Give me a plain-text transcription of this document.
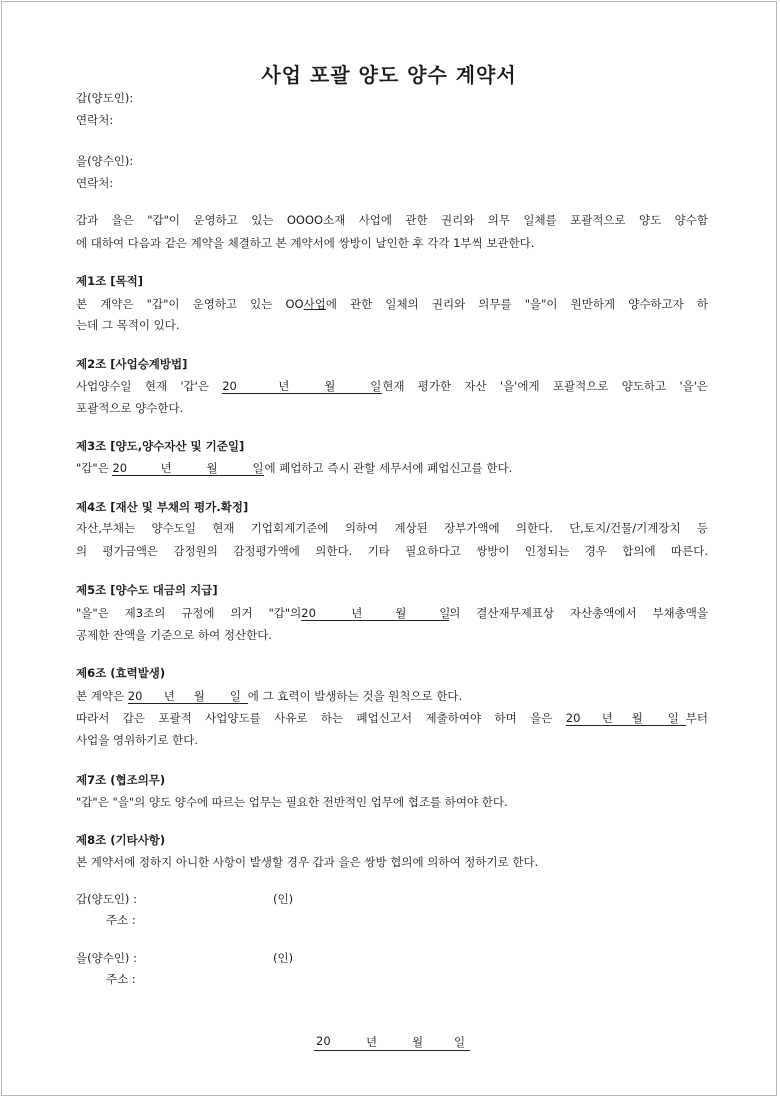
사업 포괄 양도 양수 계약서
갑(양도인):
연락처:
을(양수인):
연락처:
갑과 을은 "갑"이 운영하고 있는 OOOO소재 사업에 관한 권리와 의무 일체를 포괄적으로 양도 양수함
에 대하여 다음과 같은 계약을 체결하고 본 계약서에 쌍방이 날인한 후 각각 1부씩 보관한다.
제1조 [목적]
본 계약은 "갑"이 운영하고 있는 OO사업에 관한 일체의 권리와 의무를 "을"이 원만하게 양수하고자 하
는데 그 목적이 있다.
제2조 [사업승계방법]
사업양수일 현재 '갑'은 20	년	월	일현재 평가한 자산 '을'에게 포괄적으로 양도하고 '을'은
포괄적으로 양수한다.
제3조 [양도,양수자산 및 기준일]
"갑"은 20	년	월	일에 폐업하고 즉시 관할 세무서에 폐업신고를 한다.
제4조 [재산 및 부채의 평가.확정]
자산,부채는 양수도일 현재 기업회계기준에 의하여 계상된 장부가액에 의한다. 단,토지/건물/기계장치 등
의 평가금액은 감정원의 감정평가액에 의한다. 기타 필요하다고 쌍방이 인정되는 경우 합의에 따른다.
제5조 [양수도 대금의 지급]
"을"은 제3조의 규정에 의거 "갑"의20	년	월	일의 결산재무제표상 자산총액에서 부채총액을
공제한 잔액을 기준으로 하여 정산한다.
제6조 (효력발생)
본 계약은 20 년 월 일 에 그 효력이 발생하는 것을 원칙으로 한다.
따라서 갑은 포괄적 사업양도를 사유로 하는 폐업신고서 제출하여야 하며 을은 20 년 월 일 부터
사업을 영위하기로 한다.
제7조 (협조의무)
"갑"은 "을"의 양도 양수에 따르는 업무는 필요한 전반적인 업무에 협조를 하여야 한다.
제8조 (기타사항)
본 계약서에 정하지 아니한 사항이 발생할 경우 갑과 을은 쌍방 협의에 의하여 정하기로 한다.
갑(양도인) :	(인)
주소 :
을(양수인) :	(인)
주소 :
20	년	월	일
